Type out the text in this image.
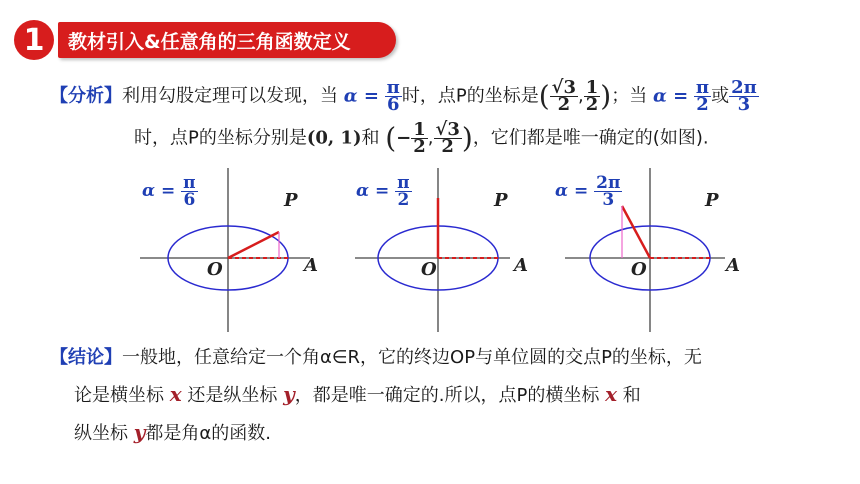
1	教材引入&任意角的三角函数定义
【分析】利用勾股定理可以发现，当 $\alpha = \frac{\pi}{6}$ 时，点P的坐标是( $\frac{√3}{2}$ , $\frac{1}{2}$ )；当 $\alpha = \frac{\pi}{2}$ 或 $\frac{2\pi}{3}$
时，点P的坐标分别是(0, 1)和 (− $\frac{1}{2}$ , $\frac{√3}{2}$ )，它们都是唯一确定的(如图).
$\alpha = \frac{\pi}{6}$	$\alpha = \frac{\pi}{2}$	$\alpha = \frac{2\pi}{3}$
P	P	P
O	O	O
A	A	A
【结论】一般地，任意给定一个角α∈R，它的终边OP与单位圆的交点P的坐标，无
论是横坐标 x 还是纵坐标 y，都是唯一确定的.所以，点P的横坐标 x 和
纵坐标 y都是角α的函数.
